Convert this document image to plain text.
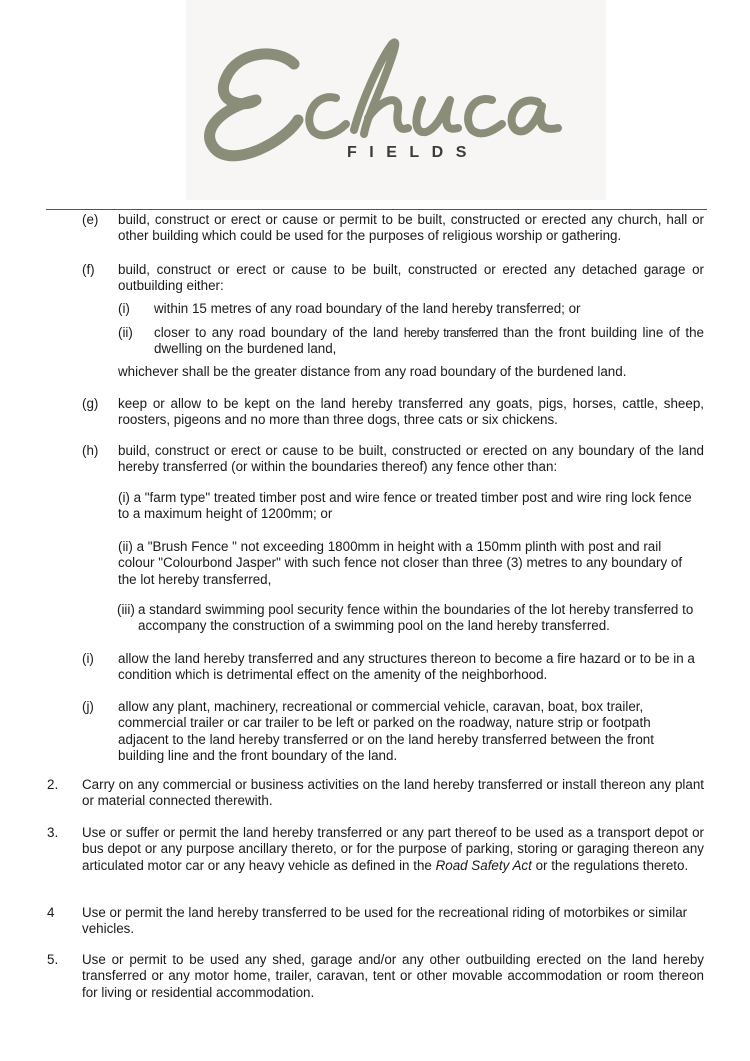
FIELDS
(e) build, construct or erect or cause or permit to be built, constructed or erected any church, hall or other building which could be used for the purposes of religious worship or gathering.

(f) build, construct or erect or cause to be built, constructed or erected any detached garage or outbuilding either:

(i) within 15 metres of any road boundary of the land hereby transferred; or
(ii) closer to any road boundary of the land hereby transferred than the front building line of the dwelling on the burdened land,

whichever shall be the greater distance from any road boundary of the burdened land.
(g) keep or allow to be kept on the land hereby transferred any goats, pigs, horses, cattle, sheep, roosters, pigeons and no more than three dogs, three cats or six chickens.

(h) build, construct or erect or cause to be built, constructed or erected on any boundary of the land hereby transferred (or within the boundaries thereof) any fence other than:

(i) a "farm type" treated timber post and wire fence or treated timber post and wire ring lock fence to a maximum height of 1200mm; or
(ii) a "Brush Fence " not exceeding 1800mm in height with a 150mm plinth with post and rail colour "Colourbond Jasper" with such fence not closer than three (3) metres to any boundary of the lot hereby transferred,
(iii) a standard swimming pool security fence within the boundaries of the lot hereby transferred to accompany the construction of a swimming pool on the land hereby transferred.
(i) allow the land hereby transferred and any structures thereon to become a fire hazard or to be in a condition which is detrimental effect on the amenity of the neighborhood.
(j) allow any plant, machinery, recreational or commercial vehicle, caravan, boat, box trailer, commercial trailer or car trailer to be left or parked on the roadway, nature strip or footpath adjacent to the land hereby transferred or on the land hereby transferred between the front building line and the front boundary of the land.
2. Carry on any commercial or business activities on the land hereby transferred or install thereon any plant or material connected therewith.

3. Use or suffer or permit the land hereby transferred or any part thereof to be used as a transport depot or bus depot or any purpose ancillary thereto, or for the purpose of parking, storing or garaging thereon any articulated motor car or any heavy vehicle as defined in the Road Safety Act or the regulations thereto.

4 Use or permit the land hereby transferred to be used for the recreational riding of motorbikes or similar vehicles.
5. Use or permit to be used any shed, garage and/or any other outbuilding erected on the land hereby transferred or any motor home, trailer, caravan, tent or other movable accommodation or room thereon for living or residential accommodation.
